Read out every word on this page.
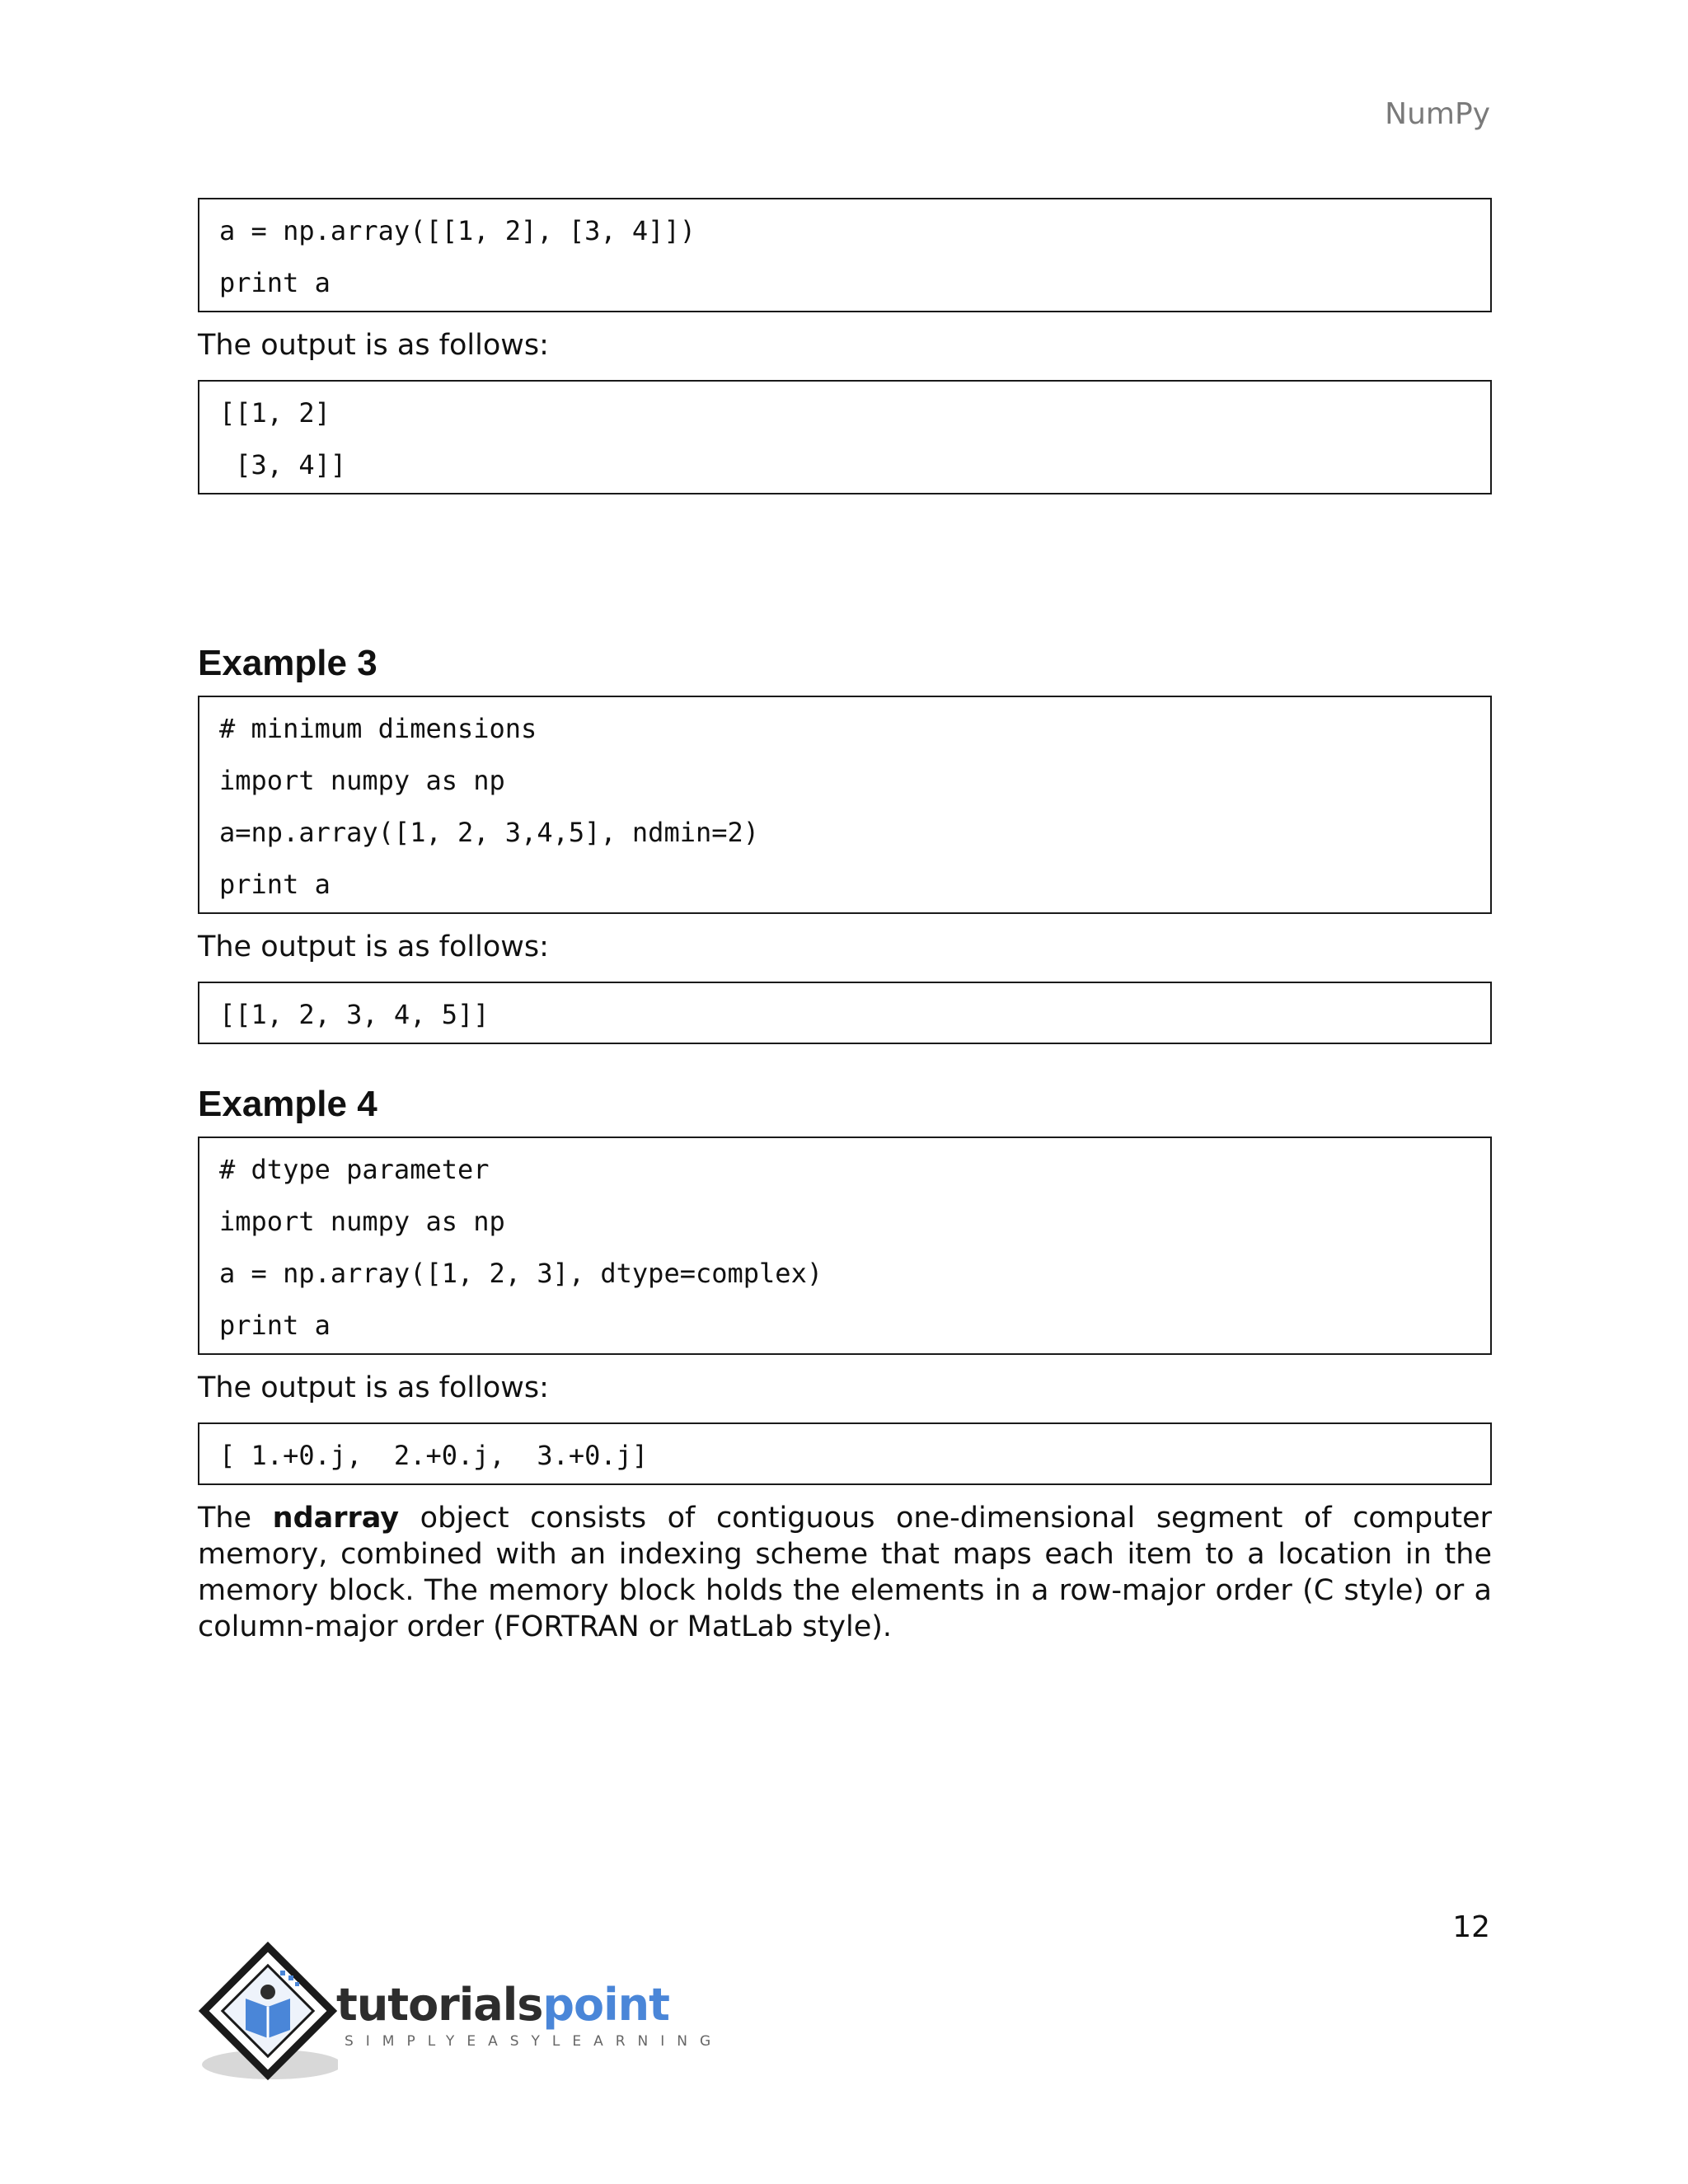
NumPy
a = np.array([[1, 2], [3, 4]])
print a

The output is as follows:

[[1, 2]
[3, 4]]
Example 3
# minimum dimensions
import numpy as np
a=np.array([1, 2, 3,4,5], ndmin=2)
print a

The output is as follows:

[[1, 2, 3, 4, 5]]
Example 4
# dtype parameter
import numpy as np
a = np.array([1, 2, 3], dtype=complex)
print a

The output is as follows:

[ 1.+0.j,  2.+0.j,  3.+0.j]

The ndarray object consists of contiguous one-dimensional segment of computer memory, combined with an indexing scheme that maps each item to a location in the memory block. The memory block holds the elements in a row-major order (C style) or a column-major order (FORTRAN or MatLab style).

12
tutorialspoint
SIMPLYEASYLEARNING
